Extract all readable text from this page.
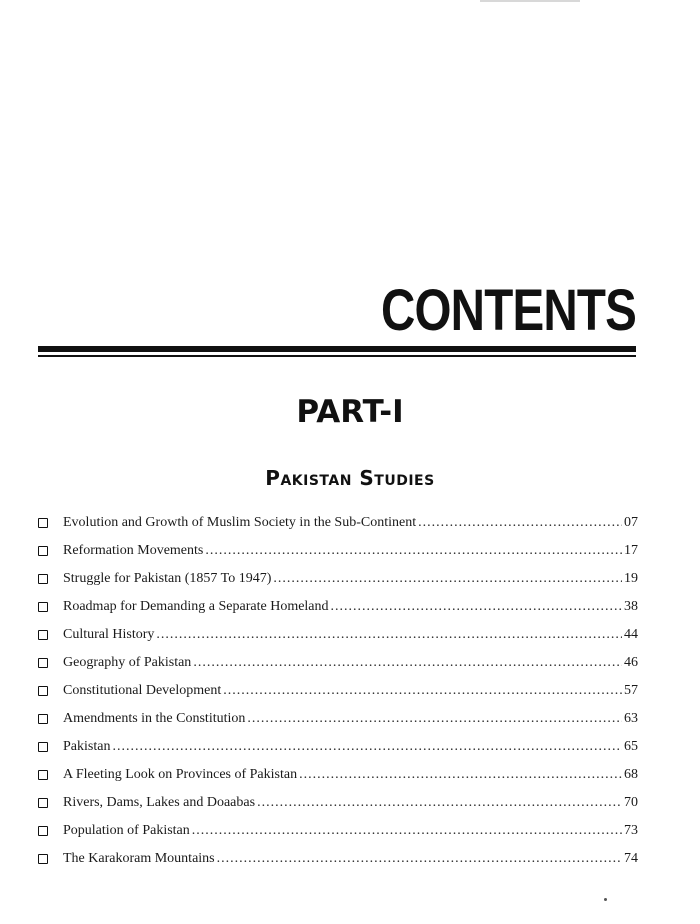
CONTENTS
PART-I
Pakistan Studies
Evolution and Growth of Muslim Society in the Sub-Continent .....	07
Reformation Movements .....	17
Struggle for Pakistan (1857 To 1947) .....	19
Roadmap for Demanding a Separate Homeland .....	38
Cultural History .....	44
Geography of Pakistan .....	46
Constitutional Development .....	57
Amendments in the Constitution .....	63
Pakistan .....	65
A Fleeting Look on Provinces of Pakistan .....	68
Rivers, Dams, Lakes and Doaabas .....	70
Population of Pakistan .....	73
The Karakoram Mountains .....	74
